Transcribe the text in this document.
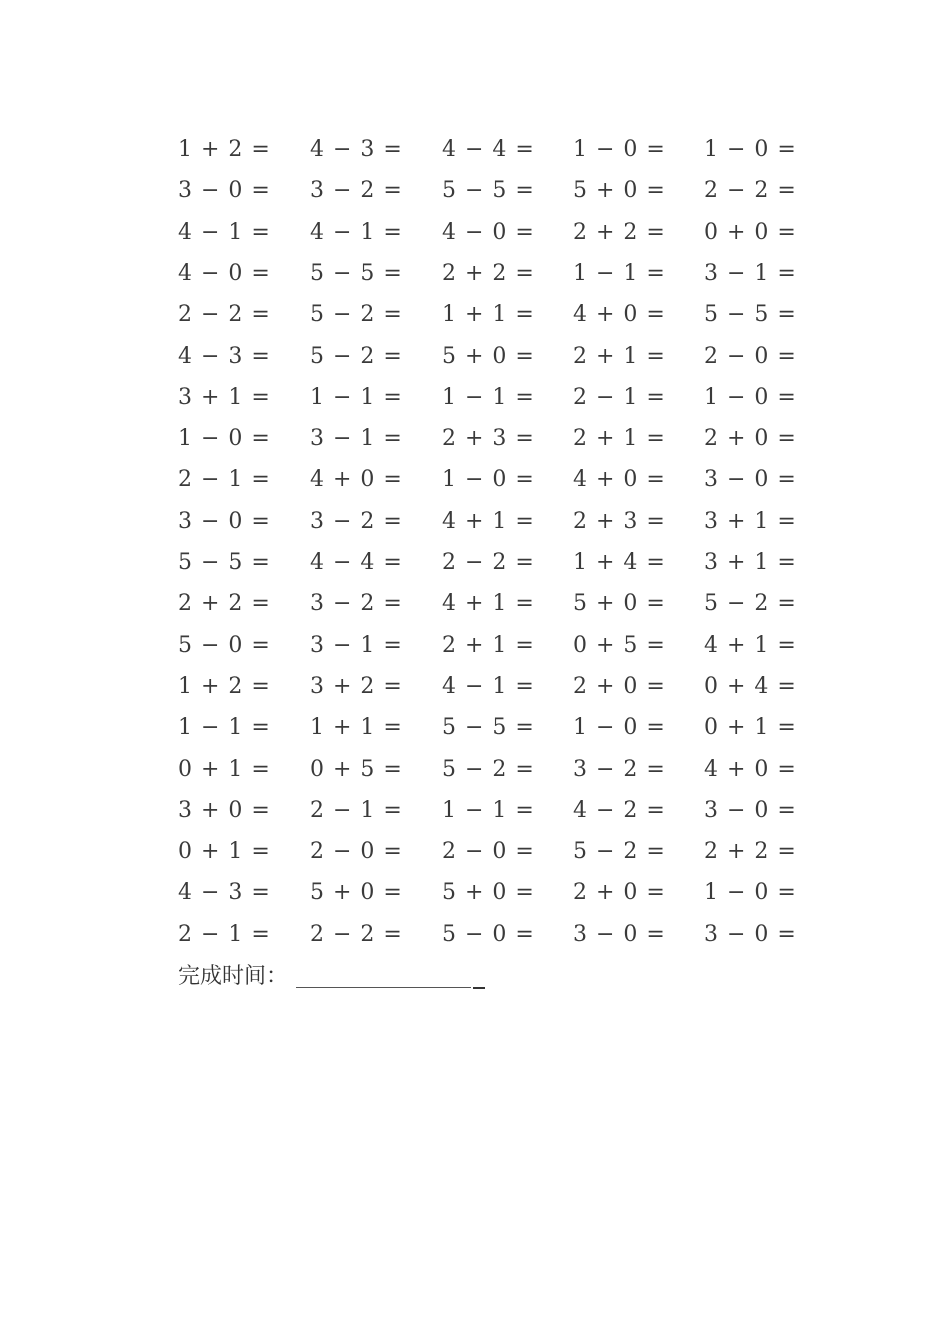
1 + 2 = 4 − 3 = 4 − 4 = 1 − 0 = 1 − 0 =
3 − 0 = 3 − 2 = 5 − 5 = 5 + 0 = 2 − 2 =
4 − 1 = 4 − 1 = 4 − 0 = 2 + 2 = 0 + 0 =
4 − 0 = 5 − 5 = 2 + 2 = 1 − 1 = 3 − 1 =
2 − 2 = 5 − 2 = 1 + 1 = 4 + 0 = 5 − 5 =
4 − 3 = 5 − 2 = 5 + 0 = 2 + 1 = 2 − 0 =
3 + 1 = 1 − 1 = 1 − 1 = 2 − 1 = 1 − 0 =
1 − 0 = 3 − 1 = 2 + 3 = 2 + 1 = 2 + 0 =
2 − 1 = 4 + 0 = 1 − 0 = 4 + 0 = 3 − 0 =
3 − 0 = 3 − 2 = 4 + 1 = 2 + 3 = 3 + 1 =
5 − 5 = 4 − 4 = 2 − 2 = 1 + 4 = 3 + 1 =
2 + 2 = 3 − 2 = 4 + 1 = 5 + 0 = 5 − 2 =
5 − 0 = 3 − 1 = 2 + 1 = 0 + 5 = 4 + 1 =
1 + 2 = 3 + 2 = 4 − 1 = 2 + 0 = 0 + 4 =
1 − 1 = 1 + 1 = 5 − 5 = 1 − 0 = 0 + 1 =
0 + 1 = 0 + 5 = 5 − 2 = 3 − 2 = 4 + 0 =
3 + 0 = 2 − 1 = 1 − 1 = 4 − 2 = 3 − 0 =
0 + 1 = 2 − 0 = 2 − 0 = 5 − 2 = 2 + 2 =
4 − 3 = 5 + 0 = 5 + 0 = 2 + 0 = 1 − 0 =
2 − 1 = 2 − 2 = 5 − 0 = 3 − 0 = 3 − 0 =
完成时间：
